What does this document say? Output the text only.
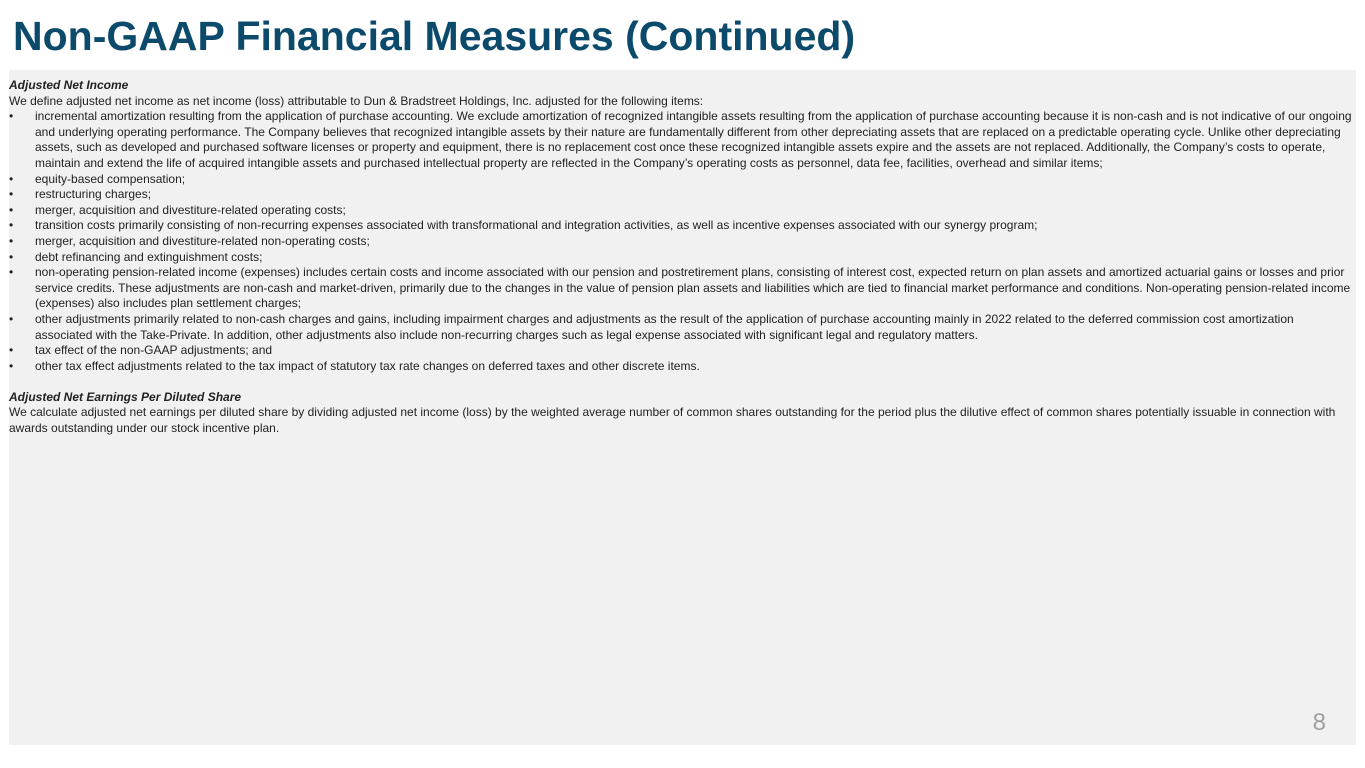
Non-GAAP Financial Measures (Continued)

Adjusted Net Income

We define adjusted net income as net income (loss) attributable to Dun & Bradstreet Holdings, Inc. adjusted for the following items:

• incremental amortization resulting from the application of purchase accounting. We exclude amortization of recognized intangible assets resulting from the application of purchase accounting because it is non-cash and is not indicative of our ongoing and underlying operating performance. The Company believes that recognized intangible assets by their nature are fundamentally different from other depreciating assets that are replaced on a predictable operating cycle. Unlike other depreciating assets, such as developed and purchased software licenses or property and equipment, there is no replacement cost once these recognized intangible assets expire and the assets are not replaced. Additionally, the Company’s costs to operate, maintain and extend the life of acquired intangible assets and purchased intellectual property are reflected in the Company’s operating costs as personnel, data fee, facilities, overhead and similar items;
• equity-based compensation;
• restructuring charges;
• merger, acquisition and divestiture-related operating costs;
• transition costs primarily consisting of non-recurring expenses associated with transformational and integration activities, as well as incentive expenses associated with our synergy program;
• merger, acquisition and divestiture-related non-operating costs;
• debt refinancing and extinguishment costs;
• non-operating pension-related income (expenses) includes certain costs and income associated with our pension and postretirement plans, consisting of interest cost, expected return on plan assets and amortized actuarial gains or losses and prior service credits. These adjustments are non-cash and market-driven, primarily due to the changes in the value of pension plan assets and liabilities which are tied to financial market performance and conditions. Non-operating pension-related income (expenses) also includes plan settlement charges;
• other adjustments primarily related to non-cash charges and gains, including impairment charges and adjustments as the result of the application of purchase accounting mainly in 2022 related to the deferred commission cost amortization associated with the Take-Private. In addition, other adjustments also include non-recurring charges such as legal expense associated with significant legal and regulatory matters.
• tax effect of the non-GAAP adjustments; and
• other tax effect adjustments related to the tax impact of statutory tax rate changes on deferred taxes and other discrete items.

Adjusted Net Earnings Per Diluted Share

We calculate adjusted net earnings per diluted share by dividing adjusted net income (loss) by the weighted average number of common shares outstanding for the period plus the dilutive effect of common shares potentially issuable in connection with awards outstanding under our stock incentive plan.

8
